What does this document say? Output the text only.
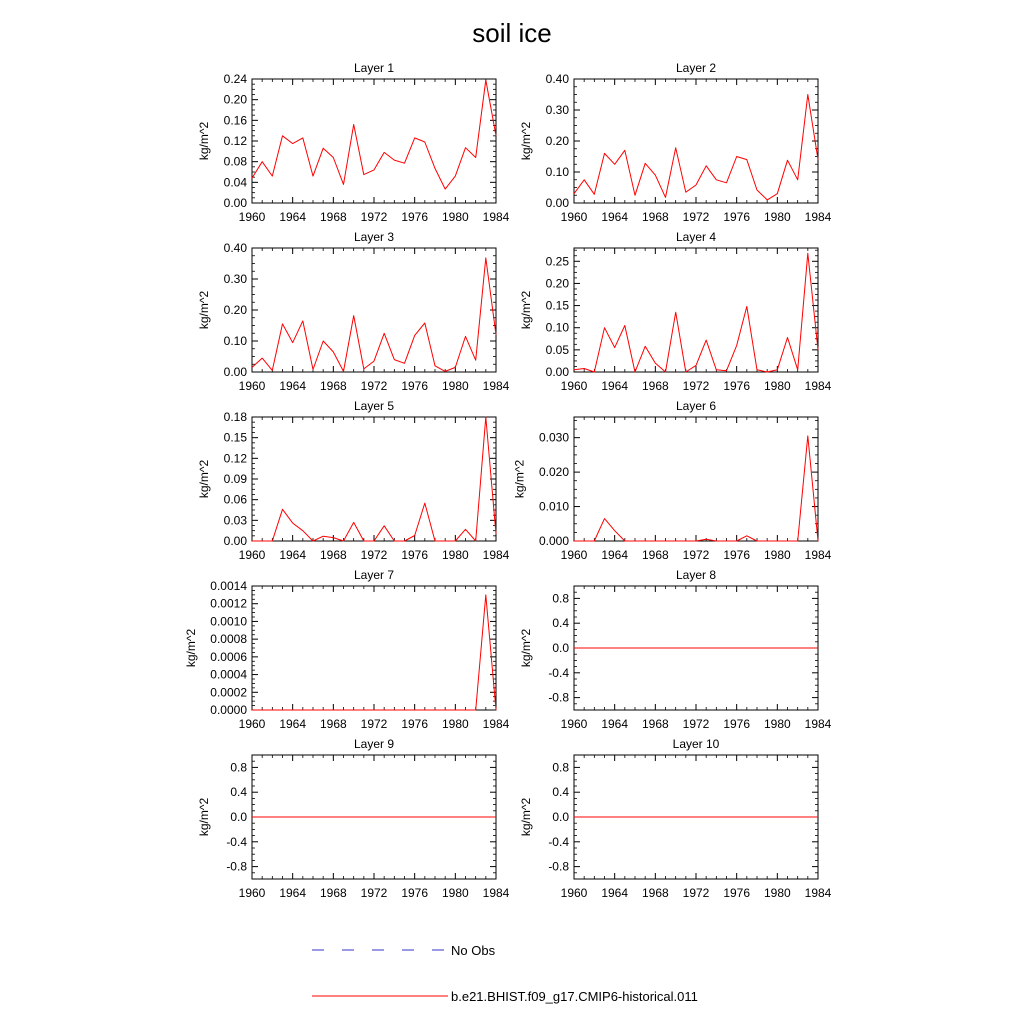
soil ice
Layer 1
1960 1964 1968 1972 1976 1980 1984
0.00
0.04
0.08
0.12
0.16
0.20
0.24
kg/m^2
Layer 2
1960 1964 1968 1972 1976 1980 1984
0.00
0.10
0.20
0.30
0.40
kg/m^2
Layer 3
1960 1964 1968 1972 1976 1980 1984
0.00
0.10
0.20
0.30
0.40
kg/m^2
Layer 4
1960 1964 1968 1972 1976 1980 1984
0.00
0.05
0.10
0.15
0.20
0.25
kg/m^2
Layer 5
1960 1964 1968 1972 1976 1980 1984
0.00
0.03
0.06
0.09
0.12
0.15
0.18
kg/m^2
Layer 6
1960 1964 1968 1972 1976 1980 1984
0.000
0.010
0.020
0.030
kg/m^2
Layer 7
1960 1964 1968 1972 1976 1980 1984
0.0000
0.0002
0.0004
0.0006
0.0008
0.0010
0.0012
0.0014
kg/m^2
Layer 8
1960 1964 1968 1972 1976 1980 1984
-0.8
-0.4
0.0
0.4
0.8
kg/m^2
Layer 9
1960 1964 1968 1972 1976 1980 1984
-0.8
-0.4
0.0
0.4
0.8
kg/m^2
Layer 10
1960 1964 1968 1972 1976 1980 1984
-0.8
-0.4
0.0
0.4
0.8
kg/m^2
No Obs
b.e21.BHIST.f09_g17.CMIP6-historical.011
